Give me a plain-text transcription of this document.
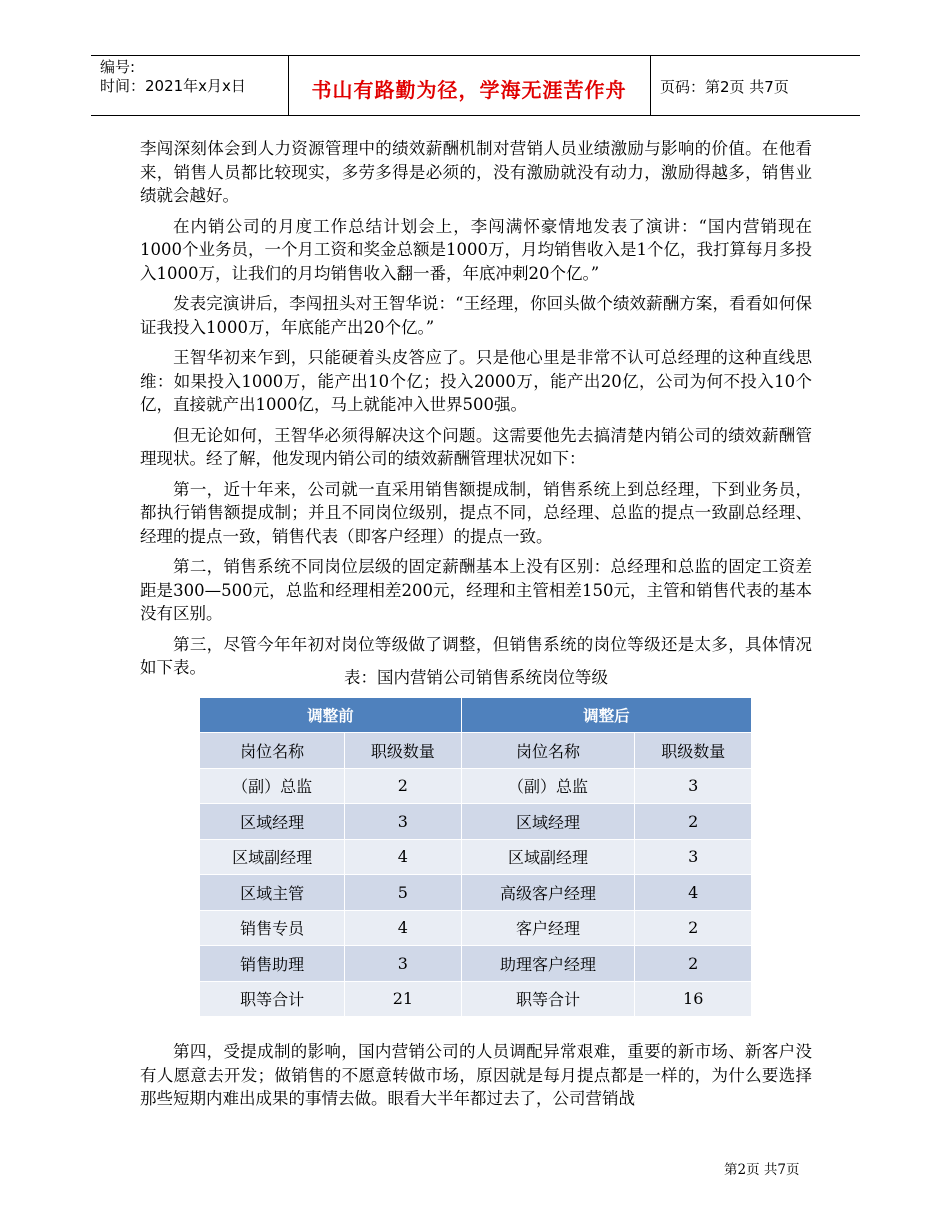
编号:
时间：2021年x月x日	书山有路勤为径，学海无涯苦作舟	页码：第2页 共7页

李闯深刻体会到人力资源管理中的绩效薪酬机制对营销人员业绩激励与影响的价值。在他看来，销售人员都比较现实，多劳多得是必须的，没有激励就没有动力，激励得越多，销售业绩就会越好。

在内销公司的月度工作总结计划会上，李闯满怀豪情地发表了演讲：“国内营销现在1000个业务员，一个月工资和奖金总额是1000万，月均销售收入是1个亿，我打算每月多投入1000万，让我们的月均销售收入翻一番，年底冲刺20个亿。”

发表完演讲后，李闯扭头对王智华说：“王经理，你回头做个绩效薪酬方案，看看如何保证我投入1000万，年底能产出20个亿。”

王智华初来乍到，只能硬着头皮答应了。只是他心里是非常不认可总经理的这种直线思维：如果投入1000万，能产出10个亿；投入2000万，能产出20亿，公司为何不投入10个亿，直接就产出1000亿，马上就能冲入世界500强。

但无论如何，王智华必须得解决这个问题。这需要他先去搞清楚内销公司的绩效薪酬管理现状。经了解，他发现内销公司的绩效薪酬管理状况如下：

第一，近十年来，公司就一直采用销售额提成制，销售系统上到总经理，下到业务员，都执行销售额提成制；并且不同岗位级别，提点不同，总经理、总监的提点一致副总经理、经理的提点一致，销售代表（即客户经理）的提点一致。

第二，销售系统不同岗位层级的固定薪酬基本上没有区别：总经理和总监的固定工资差距是300—500元，总监和经理相差200元，经理和主管相差150元，主管和销售代表的基本没有区别。

第三，尽管今年年初对岗位等级做了调整，但销售系统的岗位等级还是太多，具体情况如下表。

表：国内营销公司销售系统岗位等级
调整前		调整后	
岗位名称	职级数量	岗位名称	职级数量
（副）总监	2	（副）总监	3
区域经理	3	区域经理	2
区域副经理	4	区域副经理	3
区域主管	5	高级客户经理	4
销售专员	4	客户经理	2
销售助理	3	助理客户经理	2
职等合计	21	职等合计	16

第四，受提成制的影响，国内营销公司的人员调配异常艰难，重要的新市场、新客户没有人愿意去开发；做销售的不愿意转做市场，原因就是每月提点都是一样的，为什么要选择那些短期内难出成果的事情去做。眼看大半年都过去了，公司营销战

第2页 共7页
